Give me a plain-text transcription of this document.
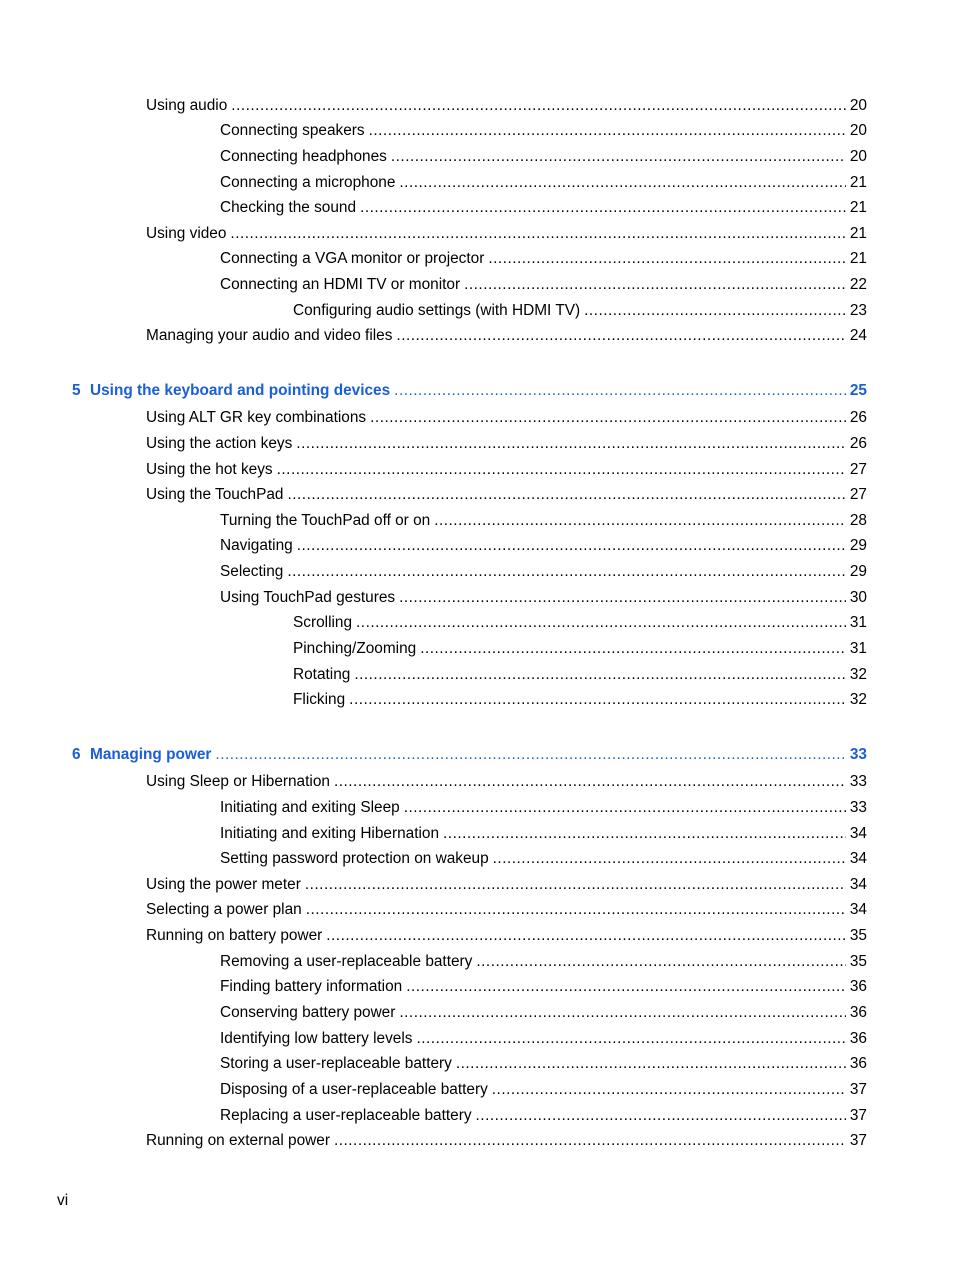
Using audio .....	20
Connecting speakers .....	20
Connecting headphones .....	20
Connecting a microphone .....	21
Checking the sound .....	21
Using video .....	21
Connecting a VGA monitor or projector .....	21
Connecting an HDMI TV or monitor .....	22
Configuring audio settings (with HDMI TV) .....	23
Managing your audio and video files .....	24
5 Using the keyboard and pointing devices .....	25
Using ALT GR key combinations .....	26
Using the action keys .....	26
Using the hot keys .....	27
Using the TouchPad .....	27
Turning the TouchPad off or on .....	28
Navigating .....	29
Selecting .....	29
Using TouchPad gestures .....	30
Scrolling .....	31
Pinching/Zooming .....	31
Rotating .....	32
Flicking .....	32
6 Managing power .....	33
Using Sleep or Hibernation .....	33
Initiating and exiting Sleep .....	33
Initiating and exiting Hibernation .....	34
Setting password protection on wakeup .....	34
Using the power meter .....	34
Selecting a power plan .....	34
Running on battery power .....	35
Removing a user-replaceable battery .....	35
Finding battery information .....	36
Conserving battery power .....	36
Identifying low battery levels .....	36
Storing a user-replaceable battery .....	36
Disposing of a user-replaceable battery .....	37
Replacing a user-replaceable battery .....	37
Running on external power .....	37
vi
